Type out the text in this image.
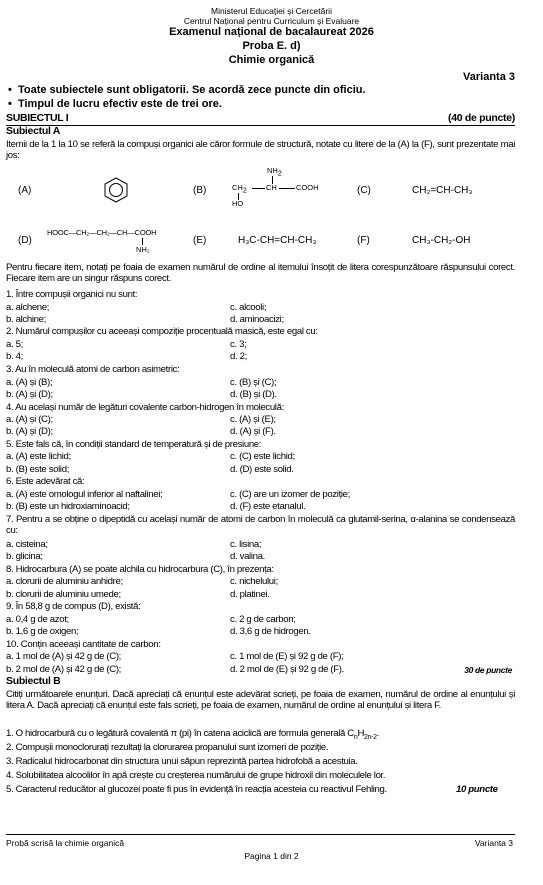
Ministerul Educației și Cercetării
Centrul Național pentru Curriculum și Evaluare
Examenul național de bacalaureat 2026
Proba E. d)
Chimie organică
Varianta 3
•  Toate subiectele sunt obligatorii. Se acordă zece puncte din oficiu.
•  Timpul de lucru efectiv este de trei ore.
SUBIECTUL I	(40 de puncte)
Subiectul A
Itemii de la 1 la 10 se referă la compuși organici ale căror formule de structură, notate cu litere de la (A) la (F), sunt prezentate mai jos:
(A)	(B)
$NH_2$
$CH_2$	CH	COOH
HO
(C)	CH₂=CH-CH₃
(D)
HOOC—CH₂—CH₂—CH—COOH
NH₂
(E)	H₃C-CH=CH-CH₃	(F)	CH₃-CH₂-OH
Pentru fiecare item, notați pe foaia de examen numărul de ordine al itemului însoțit de litera corespunzătoare răspunsului corect. Fiecare item are un singur răspuns corect.
1. Între compușii organici nu sunt:
a. alchene;	c. alcooli;
b. alchine;	d. aminoacizi;
2. Numărul compușilor cu aceeași compoziție procentuală masică, este egal cu:
a. 5;	c. 3;
b. 4;	d. 2;
3. Au în moleculă atomi de carbon asimetric:
a. (A) și (B);	c. (B) și (C);
b. (A) și (D);	d. (B) și (D).
4. Au același număr de legături covalente carbon-hidrogen în moleculă:
a. (A) și (C);	c. (A) și (E);
b. (A) și (D);	d. (A) și (F).
5. Este fals că, în condiții standard de temperatură și de presiune:
a. (A) este lichid;	c. (C) este lichid;
b. (B) este solid;	d. (D) este solid.
6. Este adevărat că:
a. (A) este omologul inferior al naftalinei;	c. (C) are un izomer de poziție;
b. (B) este un hidroxiaminoacid;	d. (F) este etanalul.
7. Pentru a se obține o dipeptidă cu același număr de atomi de carbon în moleculă ca glutamil-serina, α-alanina se condensează cu:
a. cisteina;	c. lisina;
b. glicina;	d. valina.
8. Hidrocarbura (A) se poate alchila cu hidrocarbura (C), în prezența:
a. clorurii de aluminiu anhidre;	c. nichelului;
b. clorurii de aluminiu umede;	d. platinei.
9. În 58,8 g de compus (D), există:
a. 0,4 g de azot;	c. 2 g de carbon;
b. 1,6 g de oxigen;	d. 3,6 g de hidrogen.
10. Conțin aceeași cantitate de carbon:
a. 1 mol de (A) și 42 g de (C);	c. 1 mol de (E) și 92 g de (F);
b. 2 mol de (A) și 42 g de (C);	d. 2 mol de (E) și 92 g de (F).	30 de puncte
Subiectul B
Citiți următoarele enunțuri. Dacă apreciați că enunțul este adevărat scrieți, pe foaia de examen, numărul de ordine al enunțului și litera A. Dacă apreciați că enunțul este fals scrieți, pe foaia de examen, numărul de ordine al enunțului și litera F.
1. O hidrocarbură cu o legătură covalentă π (pi) în catena aciclică are formula generală $C_nH_{2n-2}$.
2. Compușii monoclorurați rezultați la clorurarea propanului sunt izomeri de poziție.
3. Radicalul hidrocarbonat din structura unui săpun reprezintă partea hidrofobă a acestuia.
4. Solubilitatea alcoolilor în apă crește cu creșterea numărului de grupe hidroxil din moleculele lor.
5. Caracterul reducător al glucozei poate fi pus în evidență în reacția acesteia cu reactivul Fehling.	10 puncte
Probă scrisă la chimie organică	Varianta 3
Pagina 1 din 2
